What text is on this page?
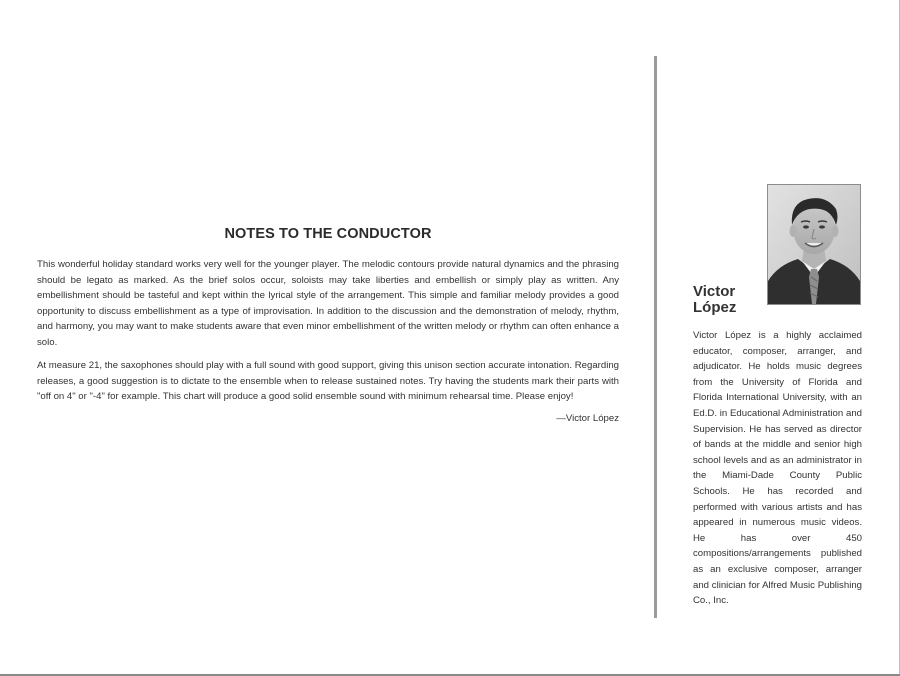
NOTES TO THE CONDUCTOR

This wonderful holiday standard works very well for the younger player. The melodic contours provide natural dynamics and the phrasing should be legato as marked. As the brief solos occur, soloists may take liberties and embellish or simply play as written. Any embellishment should be tasteful and kept within the lyrical style of the arrangement. This simple and familiar melody provides a good opportunity to discuss embellishment as a type of improvisation. In addition to the discussion and the demonstration of melody, rhythm, and harmony, you may want to make students aware that even minor embellishment of the written melody or rhythm can often enhance a solo.

At measure 21, the saxophones should play with a full sound with good support, giving this unison section accurate intonation. Regarding releases, a good suggestion is to dictate to the ensemble when to release sustained notes. Try having the students mark their parts with "off on 4" or "-4" for example. This chart will produce a good solid ensemble sound with minimum rehearsal time. Please enjoy!

—Victor López
Victor
López

Victor López is a highly acclaimed educator, composer, arranger, and adjudicator. He holds music degrees from the University of Florida and Florida International University, with an Ed.D. in Educational Administration and Supervision. He has served as director of bands at the middle and senior high school levels and as an administrator in the Miami-Dade County Public Schools. He has recorded and performed with various artists and has appeared in numerous music videos. He has over 450 compositions/arrangements published as an exclusive composer, arranger and clinician for Alfred Music Publishing Co., Inc.
